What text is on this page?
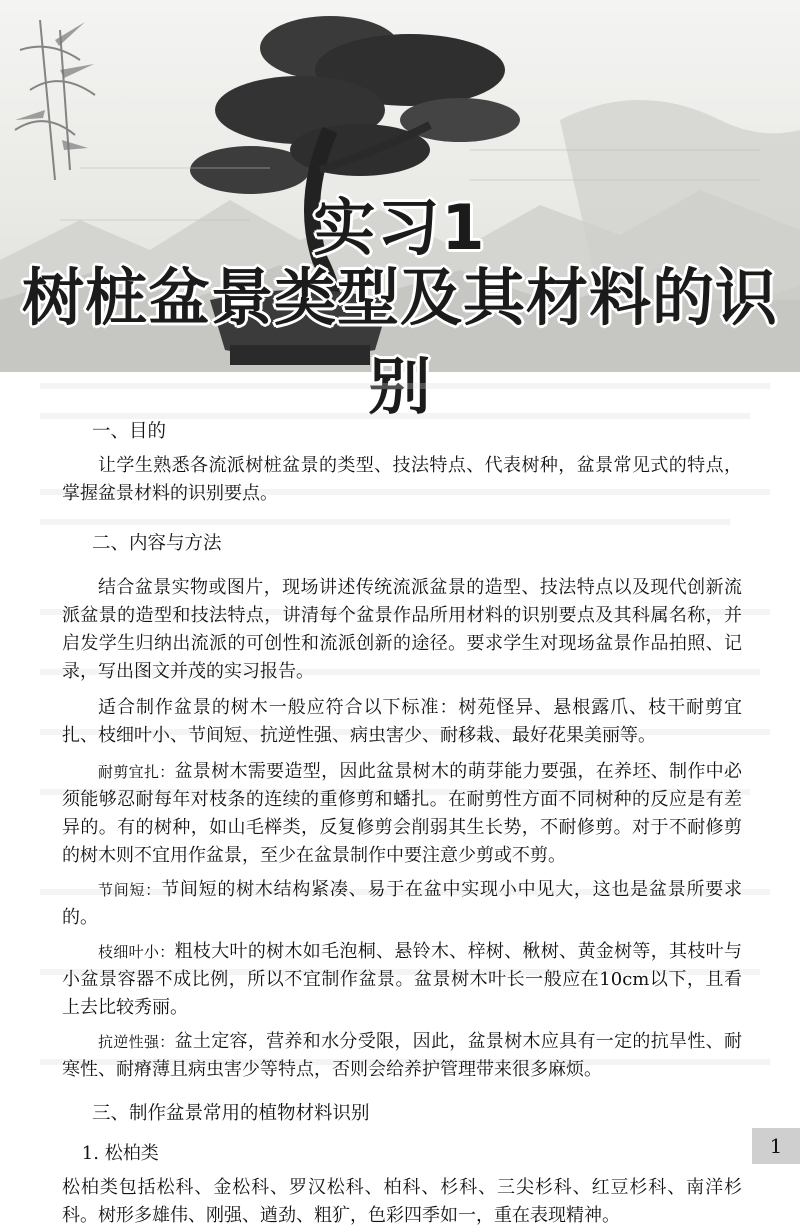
实习1
树桩盆景类型及其材料的识别

一、目的

让学生熟悉各流派树桩盆景的类型、技法特点、代表树种，盆景常见式的特点，掌握盆景材料的识别要点。

二、内容与方法

结合盆景实物或图片，现场讲述传统流派盆景的造型、技法特点以及现代创新流派盆景的造型和技法特点，讲清每个盆景作品所用材料的识别要点及其科属名称，并启发学生归纳出流派的可创性和流派创新的途径。要求学生对现场盆景作品拍照、记录，写出图文并茂的实习报告。

适合制作盆景的树木一般应符合以下标准：树苑怪异、悬根露爪、枝干耐剪宜扎、枝细叶小、节间短、抗逆性强、病虫害少、耐移栽、最好花果美丽等。

耐剪宜扎：盆景树木需要造型，因此盆景树木的萌芽能力要强，在养坯、制作中必须能够忍耐每年对枝条的连续的重修剪和蟠扎。在耐剪性方面不同树种的反应是有差异的。有的树种，如山毛榉类，反复修剪会削弱其生长势，不耐修剪。对于不耐修剪的树木则不宜用作盆景，至少在盆景制作中要注意少剪或不剪。

节间短：节间短的树木结构紧凑、易于在盆中实现小中见大，这也是盆景所要求的。

枝细叶小：粗枝大叶的树木如毛泡桐、悬铃木、梓树、楸树、黄金树等，其枝叶与小盆景容器不成比例，所以不宜制作盆景。盆景树木叶长一般应在10cm以下，且看上去比较秀丽。

抗逆性强：盆土定容，营养和水分受限，因此，盆景树木应具有一定的抗旱性、耐寒性、耐瘠薄且病虫害少等特点，否则会给养护管理带来很多麻烦。

三、制作盆景常用的植物材料识别

1. 松柏类

松柏类包括松科、金松科、罗汉松科、柏科、杉科、三尖杉科、红豆杉科、南洋杉科。树形多雄伟、刚强、遒劲、粗犷，色彩四季如一，重在表现精神。

1
